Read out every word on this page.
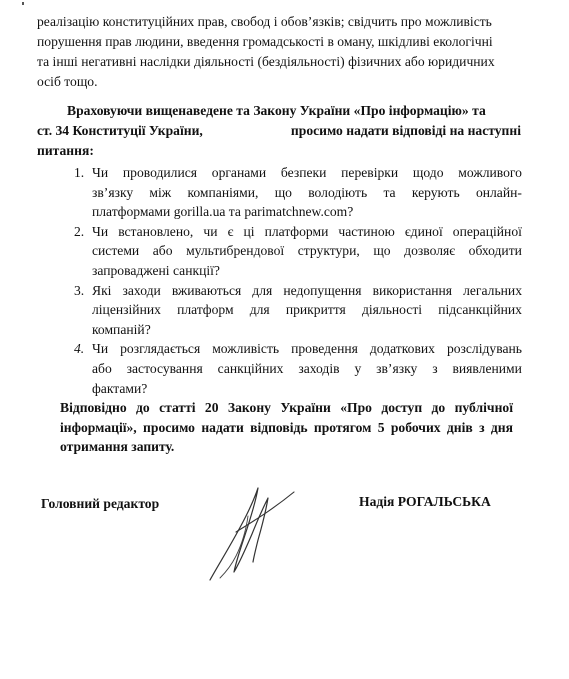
реалізацію конституційних прав, свобод і обов’язків; свідчить про можливість
порушення прав людини, введення громадськості в оману, шкідливі екологічні
та інші негативні наслідки діяльності (бездіяльності) фізичних або юридичних
осіб тощо.
Враховуючи вищенаведене та Закону України «Про інформацію» та
ст. 34 Конституції України,	просимо надати відповіді на наступні
питання:
1. Чи проводилися органами безпеки перевірки щодо можливого
зв’язку між компаніями, що володіють та керують онлайн-
платформами gorilla.ua та parimatchnew.com?
2. Чи встановлено, чи є ці платформи частиною єдиної операційної
системи або мультибрендової структури, що дозволяє обходити
запроваджені санкції?
3. Які заходи вживаються для недопущення використання легальних
ліцензійних платформ для прикриття діяльності підсанкційних
компаній?
4. Чи розглядається можливість проведення додаткових розслідувань
або застосування санкційних заходів у зв’язку з виявленими
фактами?
Відповідно до статті 20 Закону України «Про доступ до публічної
інформації», просимо надати відповідь протягом 5 робочих днів з дня
отримання запиту.
Головний редактор	Надія РОГАЛЬСЬКА
